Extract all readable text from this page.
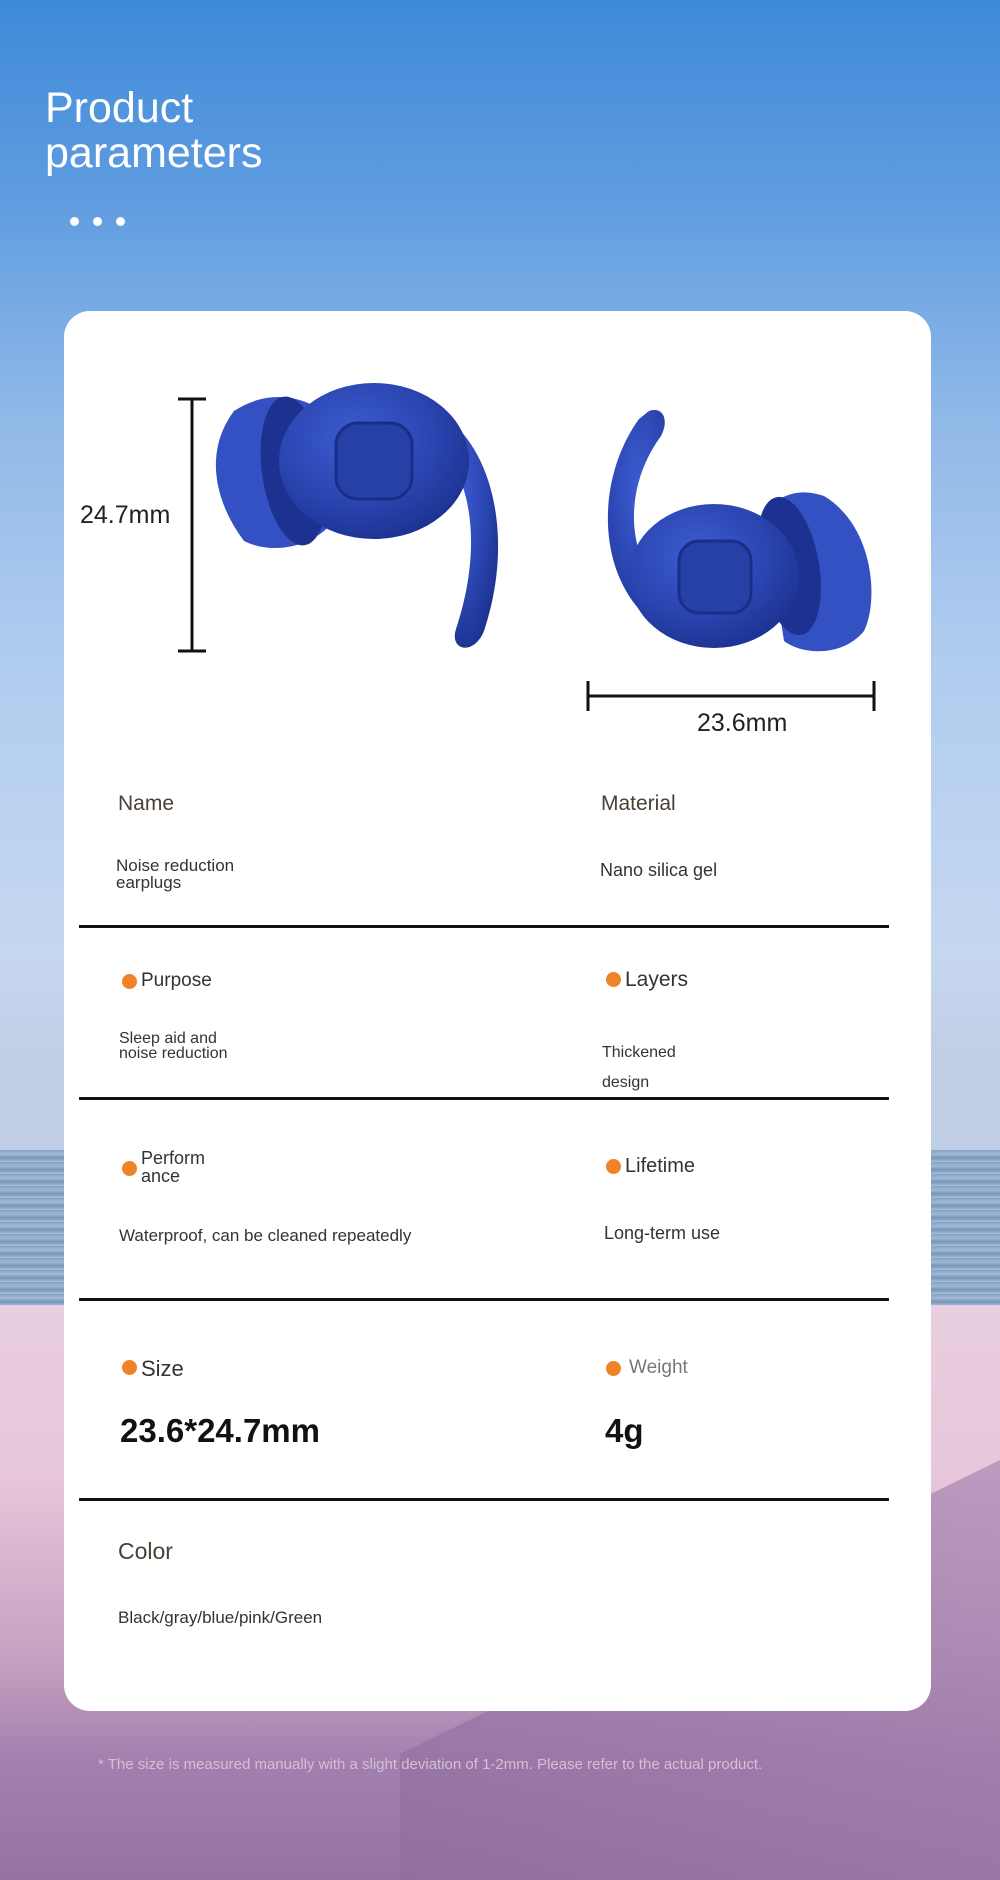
Product
parameters
24.7mm
23.6mm
Name
Noise reduction
earplugs
Material
Nano silica gel
Purpose
Sleep aid and
noise reduction
Layers
Thickened
design
Perform
ance
Waterproof, can be cleaned repeatedly
Lifetime
Long-term use
Size
23.6*24.7mm
Weight
4g
Color
Black/gray/blue/pink/Green
* The size is measured manually with a slight deviation of 1-2mm. Please refer to the actual product.
